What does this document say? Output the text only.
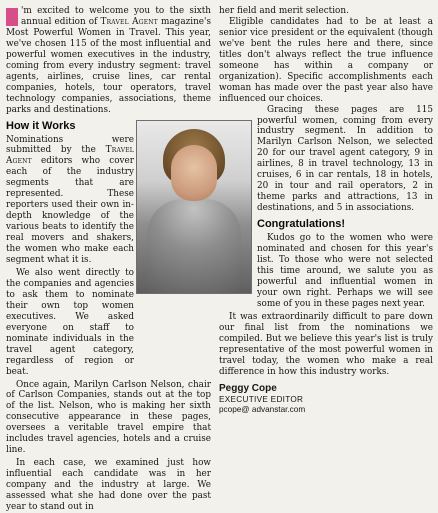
'm excited to welcome you to the sixth annual edition of Travel Agent magazine's Most Powerful Women in Travel. This year, we've chosen 115 of the most influential and powerful women executives in the industry, coming from every industry segment: travel agents, airlines, cruise lines, car rental companies, hotels, tour operators, travel technology companies, associations, theme parks and destinations.

How it Works

Nominations were submitted by the Travel Agent editors who cover each of the industry segments that are represented. These reporters used their own in-depth knowledge of the various beats to identify the real movers and shakers, the women who make each segment what it is.

We also went directly to the companies and agencies to ask them to nominate their own top women executives. We asked everyone on staff to nominate individuals in the travel agent category, regardless of region or beat.

Once again, Marilyn Carlson Nelson, chair of Carlson Companies, stands out at the top of the list. Nelson, who is making her sixth consecutive appearance in these pages, oversees a veritable travel empire that includes travel agencies, hotels and a cruise line.

In each case, we examined just how influential each candidate was in her company and the industry at large. We assessed what she had done over the past year to stand out in

her field and merit selection.

Eligible candidates had to be at least a senior vice president or the equivalent (though we've bent the rules here and there, since titles don't always reflect the true influence someone has within a company or organization). Specific accomplishments each woman has made over the past year also have influenced our choices.

Gracing these pages are 115 powerful women, coming from every industry segment. In addition to Marilyn Carlson Nelson, we selected 20 for our travel agent category, 9 in airlines, 8 in travel technology, 13 in cruises, 6 in car rentals, 18 in hotels, 20 in tour and rail operators, 2 in theme parks and attractions, 13 in destinations, and 5 in associations.

Congratulations!

Kudos go to the women who were nominated and chosen for this year's list. To those who were not selected this time around, we salute you as powerful and influential women in your own right. Perhaps we will see some of you in these pages next year.

It was extraordinarily difficult to pare down our final list from the nominations we compiled. But we believe this year's list is truly representative of the most powerful women in travel today, the women who make a real difference in how this industry works.

Peggy Cope
EXECUTIVE EDITOR
pcope@ advanstar.com
